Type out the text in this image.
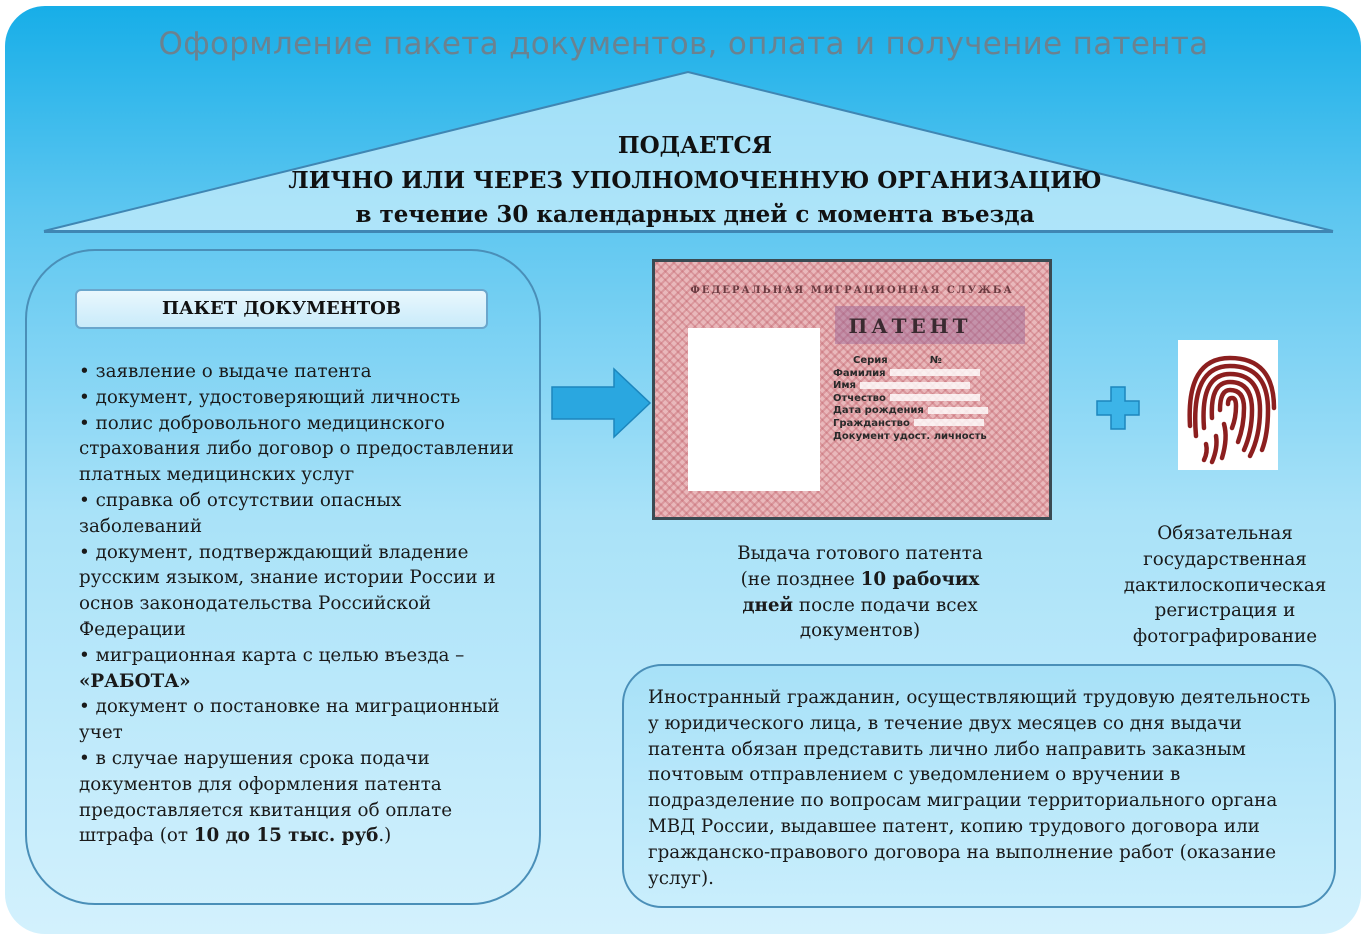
Оформление пакета документов, оплата и получение патента
ПОДАЕТСЯ
ЛИЧНО ИЛИ ЧЕРЕЗ УПОЛНОМОЧЕННУЮ ОРГАНИЗАЦИЮ
в течение 30 календарных дней с момента въезда
ПАКЕТ ДОКУМЕНТОВ

• заявление о выдаче патента

• документ, удостоверяющий личность

• полис добровольного медицинского страхования либо договор о предоставлении платных медицинских услуг

• справка об отсутствии опасных заболеваний

• документ, подтверждающий владение русским языком, знание истории России и основ законодательства Российской Федерации

• миграционная карта с целью въезда – «РАБОТА»

• документ о постановке на миграционный учет

• в случае нарушения срока подачи документов для оформления патента предоставляется квитанция об оплате штрафа (от 10 до 15 тыс. руб.)

ФЕДЕРАЛЬНАЯ МИГРАЦИОННАЯ СЛУЖБА
ПАТЕНТ
Серия	№
Фамилия
Имя
Отчество
Дата рождения
Гражданство
Документ удост. личность
Выдача готового патента (не позднее 10 рабочих дней после подачи всех документов)
Обязательная государственная дактилоскопическая регистрация и фотографирование
Иностранный гражданин, осуществляющий трудовую деятельность у юридического лица, в течение двух месяцев со дня выдачи патента обязан представить лично либо направить заказным почтовым отправлением с уведомлением о вручении в подразделение по вопросам миграции территориального органа МВД России, выдавшее патент, копию трудового договора или гражданско-правового договора на выполнение работ (оказание услуг).
